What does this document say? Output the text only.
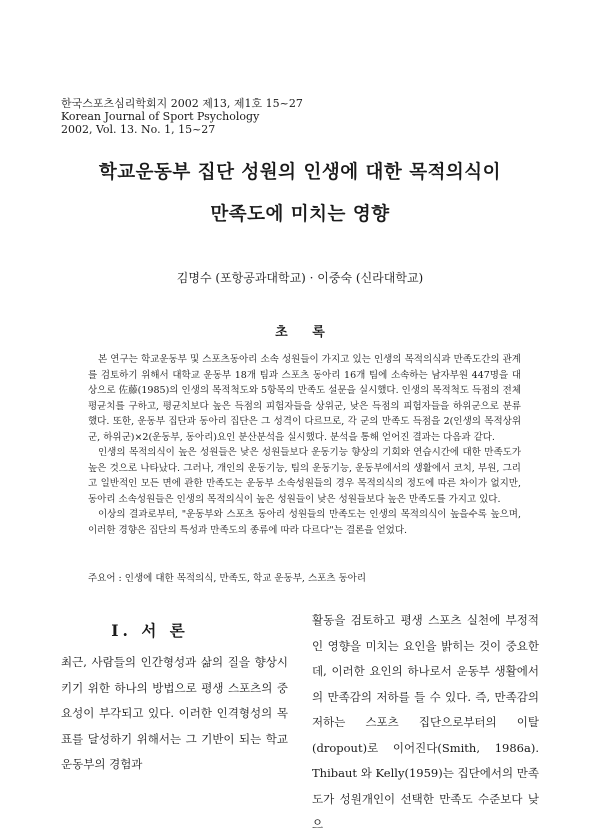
한국스포츠심리학회지 2002 제13, 제1호 15~27
Korean Journal of Sport Psychology
2002, Vol. 13. No. 1, 15~27
학교운동부 집단 성원의 인생에 대한 목적의식이
만족도에 미치는 영향
김명수 (포항공과대학교) · 이중숙 (신라대학교)
초 록

본 연구는 학교운동부 및 스포츠동아리 소속 성원들이 가지고 있는 인생의 목적의식과 만족도간의 관계를 검토하기 위해서 대학교 운동부 18개 팀과 스포츠 동아리 16개 팀에 소속하는 남자부원 447명을 대상으로 佐藤(1985)의 인생의 목적척도와 5항목의 만족도 설문을 실시했다. 인생의 목적척도 득점의 전체 평균치를 구하고, 평균치보다 높은 득점의 피험자들을 상위군, 낮은 득점의 피험자들을 하위군으로 분류했다. 또한, 운동부 집단과 동아리 집단은 그 성격이 다르므로, 각 군의 만족도 득점을 2(인생의 목적상위군, 하위군)×2(운동부, 동아리)요인 분산분석을 실시했다. 분석을 통해 얻어진 결과는 다음과 같다.

인생의 목적의식이 높은 성원들은 낮은 성원들보다 운동기능 향상의 기회와 연습시간에 대한 만족도가 높은 것으로 나타났다. 그러나, 개인의 운동기능, 팀의 운동기능, 운동부에서의 생활에서 코치, 부원, 그리고 일반적인 모든 면에 관한 만족도는 운동부 소속성원들의 경우 목적의식의 정도에 따른 차이가 없지만, 동아리 소속성원들은 인생의 목적의식이 높은 성원들이 낮은 성원들보다 높은 만족도를 가지고 있다.

이상의 결과로부터, "운동부와 스포츠 동아리 성원들의 만족도는 인생의 목적의식이 높을수록 높으며, 이러한 경향은 집단의 특성과 만족도의 종류에 따라 다르다"는 결론을 얻었다.

주요어 : 인생에 대한 목적의식, 만족도, 학교 운동부, 스포츠 동아리
Ⅰ. 서 론

최근, 사람들의 인간형성과 삶의 질을 향상시키기 위한 하나의 방법으로 평생 스포츠의 중요성이 부각되고 있다. 이러한 인격형성의 목표를 달성하기 위해서는 그 기반이 되는 학교운동부의 경험과

활동을 검토하고 평생 스포츠 실천에 부정적인 영향을 미치는 요인을 밝히는 것이 중요한데, 이러한 요인의 하나로서 운동부 생활에서의 만족감의 저하를 들 수 있다. 즉, 만족감의 저하는 스포츠 집단으로부터의 이탈(dropout)로 이어진다(Smith, 1986a). Thibaut 와 Kelly(1959)는 집단에서의 만족도가 성원개인이 선택한 만족도 수준보다 낮으
